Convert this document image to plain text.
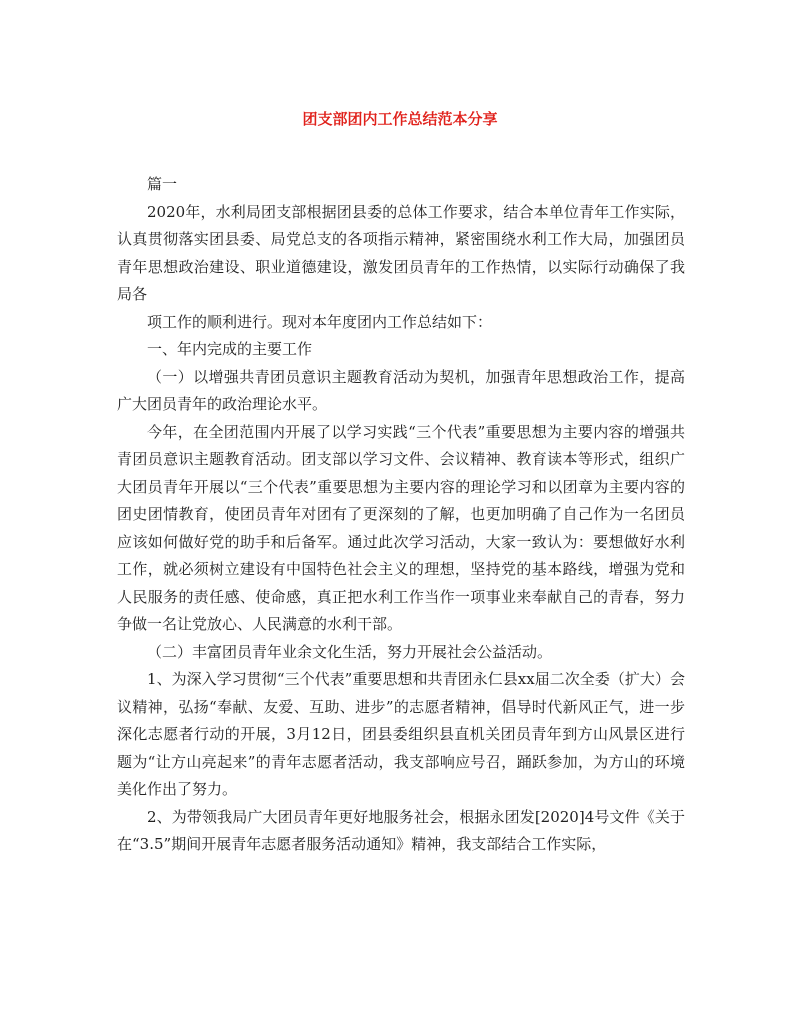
团支部团内工作总结范本分享

篇一

2020年，水利局团支部根据团县委的总体工作要求，结合本单位青年工作实际，认真贯彻落实团县委、局党总支的各项指示精神，紧密围绕水利工作大局，加强团员青年思想政治建设、职业道德建设，激发团员青年的工作热情，以实际行动确保了我局各

项工作的顺利进行。现对本年度团内工作总结如下：

一、年内完成的主要工作

（一）以增强共青团员意识主题教育活动为契机，加强青年思想政治工作，提高广大团员青年的政治理论水平。

今年，在全团范围内开展了以学习实践“三个代表”重要思想为主要内容的增强共青团员意识主题教育活动。团支部以学习文件、会议精神、教育读本等形式，组织广大团员青年开展以“三个代表”重要思想为主要内容的理论学习和以团章为主要内容的团史团情教育，使团员青年对团有了更深刻的了解，也更加明确了自己作为一名团员应该如何做好党的助手和后备军。通过此次学习活动，大家一致认为：要想做好水利工作，就必须树立建设有中国特色社会主义的理想，坚持党的基本路线，增强为党和人民服务的责任感、使命感，真正把水利工作当作一项事业来奉献自己的青春，努力争做一名让党放心、人民满意的水利干部。

（二）丰富团员青年业余文化生活，努力开展社会公益活动。

1、为深入学习贯彻“三个代表”重要思想和共青团永仁县xx届二次全委（扩大）会议精神，弘扬“奉献、友爱、互助、进步”的志愿者精神，倡导时代新风正气，进一步深化志愿者行动的开展，3月12日，团县委组织县直机关团员青年到方山风景区进行题为“让方山亮起来”的青年志愿者活动，我支部响应号召，踊跃参加，为方山的环境美化作出了努力。

2、为带领我局广大团员青年更好地服务社会，根据永团发[2020]4号文件《关于在“3.5”期间开展青年志愿者服务活动通知》精神，我支部结合工作实际，
